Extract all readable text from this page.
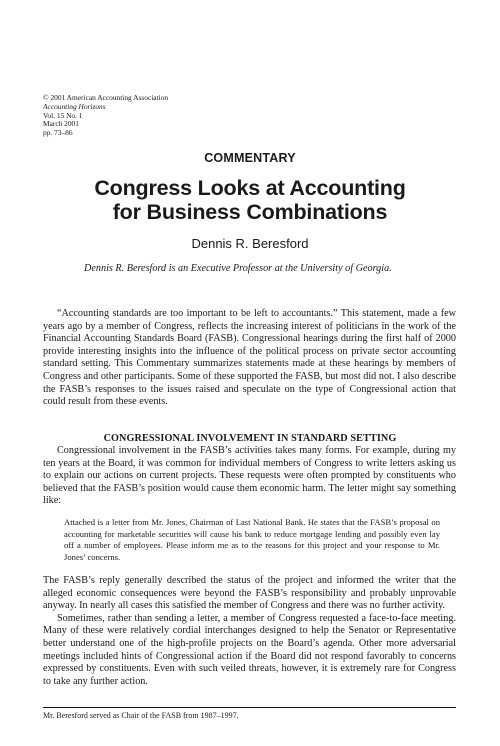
© 2001 American Accounting Association
Accounting Horizons
Vol. 15 No. 1
March 2001
pp. 73–86
COMMENTARY
Congress Looks at Accounting
for Business Combinations
Dennis R. Beresford
Dennis R. Beresford is an Executive Professor at the University of Georgia.

“Accounting standards are too important to be left to accountants.” This statement, made a few years ago by a member of Congress, reflects the increasing interest of politicians in the work of the Financial Accounting Standards Board (FASB). Congressional hearings during the first half of 2000 provide interesting insights into the influence of the political process on private sector accounting standard setting. This Commentary summarizes statements made at these hearings by members of Congress and other participants. Some of these supported the FASB, but most did not. I also describe the FASB’s responses to the issues raised and speculate on the type of Congressional action that could result from these events.

CONGRESSIONAL INVOLVEMENT IN STANDARD SETTING

Congressional involvement in the FASB’s activities takes many forms. For example, during my ten years at the Board, it was common for individual members of Congress to write letters asking us to explain our actions on current projects. These requests were often prompted by constituents who believed that the FASB’s position would cause them economic harm. The letter might say something like:

Attached is a letter from Mr. Jones, Chairman of Last National Bank. He states that the FASB’s proposal on accounting for marketable securities will cause his bank to reduce mortgage lending and possibly even lay off a number of employees. Please inform me as to the reasons for this project and your response to Mr. Jones’ concerns.

The FASB’s reply generally described the status of the project and informed the writer that the alleged economic consequences were beyond the FASB’s responsibility and probably unprovable anyway. In nearly all cases this satisfied the member of Congress and there was no further activity.

Sometimes, rather than sending a letter, a member of Congress requested a face-to-face meeting. Many of these were relatively cordial interchanges designed to help the Senator or Representative better understand one of the high-profile projects on the Board’s agenda. Other more adversarial meetings included hints of Congressional action if the Board did not respond favorably to concerns expressed by constituents. Even with such veiled threats, however, it is extremely rare for Congress to take any further action.

Mr. Beresford served as Chair of the FASB from 1987–1997.
